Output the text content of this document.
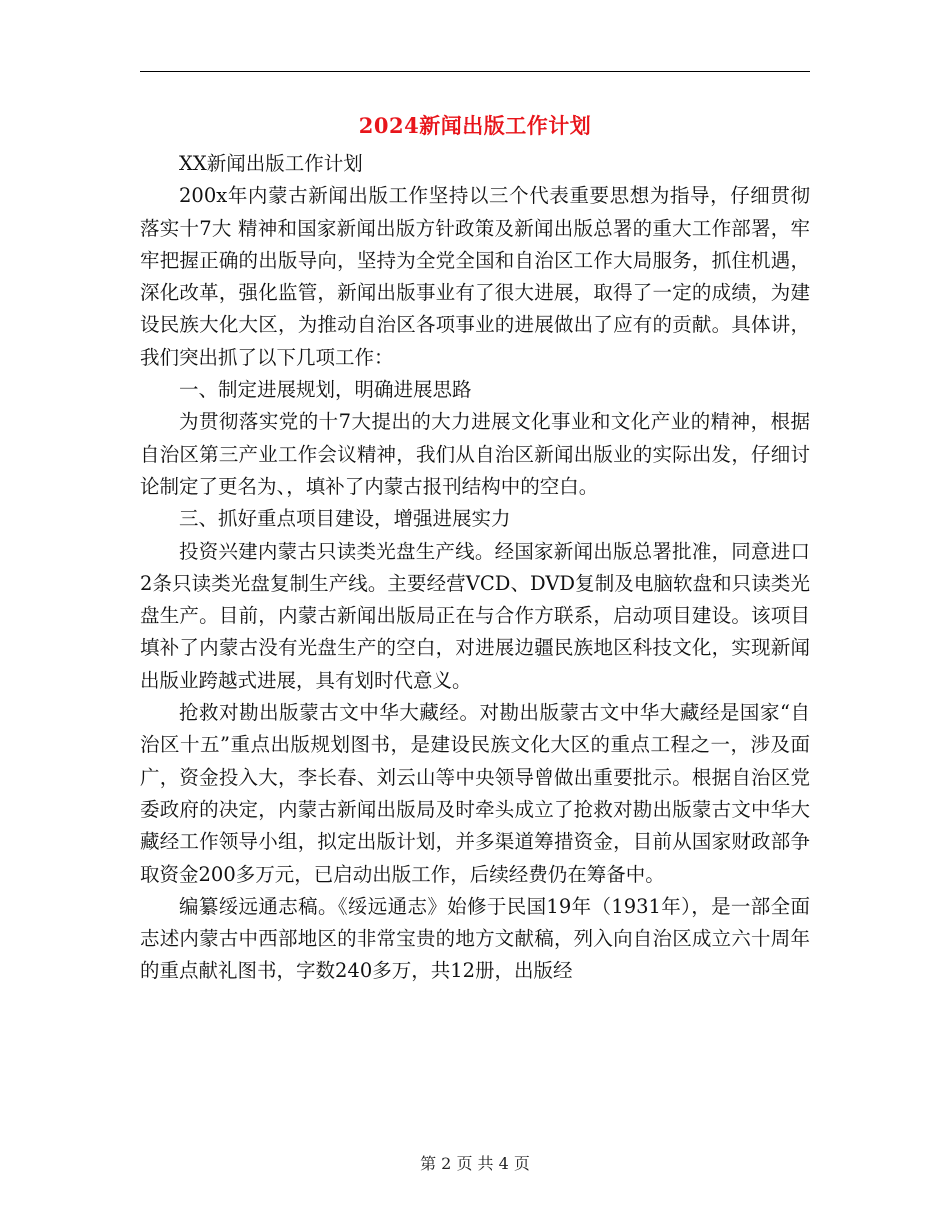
2024新闻出版工作计划

XX新闻出版工作计划

200x年内蒙古新闻出版工作坚持以三个代表重要思想为指导，仔细贯彻落实十7大 精神和国家新闻出版方针政策及新闻出版总署的重大工作部署，牢牢把握正确的出版导向，坚持为全党全国和自治区工作大局服务，抓住机遇，深化改革，强化监管，新闻出版事业有了很大进展，取得了一定的成绩，为建设民族大化大区，为推动自治区各项事业的进展做出了应有的贡献。具体讲，我们突出抓了以下几项工作：

一、制定进展规划，明确进展思路

为贯彻落实党的十7大提出的大力进展文化事业和文化产业的精神，根据自治区第三产业工作会议精神，我们从自治区新闻出版业的实际出发，仔细讨论制定了更名为、，填补了内蒙古报刊结构中的空白。

三、抓好重点项目建设，增强进展实力

投资兴建内蒙古只读类光盘生产线。经国家新闻出版总署批准，同意进口2条只读类光盘复制生产线。主要经营VCD、DVD复制及电脑软盘和只读类光盘生产。目前，内蒙古新闻出版局正在与合作方联系，启动项目建设。该项目填补了内蒙古没有光盘生产的空白，对进展边疆民族地区科技文化，实现新闻出版业跨越式进展，具有划时代意义。

抢救对勘出版蒙古文中华大藏经。对勘出版蒙古文中华大藏经是国家“自治区十五”重点出版规划图书，是建设民族文化大区的重点工程之一，涉及面广，资金投入大，李长春、刘云山等中央领导曾做出重要批示。根据自治区党委政府的决定，内蒙古新闻出版局及时牵头成立了抢救对勘出版蒙古文中华大藏经工作领导小组，拟定出版计划，并多渠道筹措资金，目前从国家财政部争取资金200多万元，已启动出版工作，后续经费仍在筹备中。

编纂绥远通志稿。《绥远通志》始修于民国19年（1931年），是一部全面志述内蒙古中西部地区的非常宝贵的地方文献稿，列入向自治区成立六十周年的重点献礼图书，字数240多万，共12册，出版经

第 2 页 共 4 页
